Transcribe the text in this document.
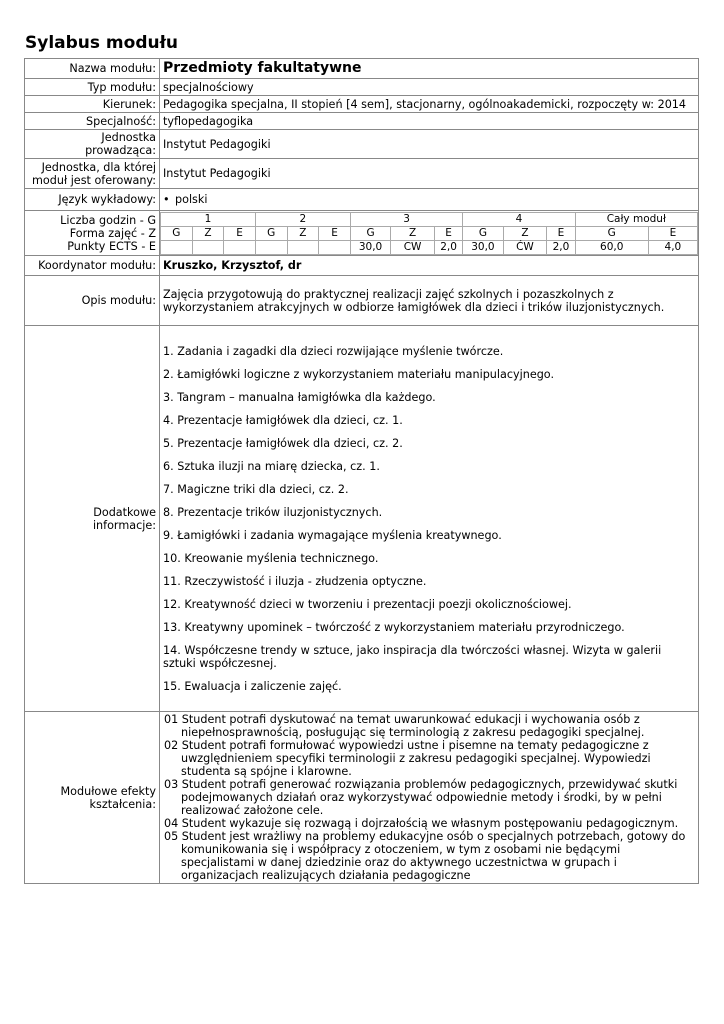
Sylabus modułu
Nazwa modułu:	Przedmioty fakultatywne
Typ modułu:	specjalnościowy
Kierunek:	Pedagogika specjalna, II stopień [4 sem], stacjonarny, ogólnoakademicki, rozpoczęty w: 2014
Specjalność:	tyflopedagogika
Jednostka prowadząca:	Instytut Pedagogiki
Jednostka, dla której moduł jest oferowany:	Instytut Pedagogiki
Język wykładowy:	• polski

Liczba godzin - G
Forma zajęć - Z
Punkty ECTS - E

1	2	3	4	Cały moduł
G	Z	E	G	Z	E	G	Z	E	G	Z	E	G	E
						30,0	CW	2,0	30,0	ĆW	2,0	60,0	4,0

Koordynator modułu:	Kruszko, Krzysztof, dr
Opis modułu:	Zajęcia przygotowują do praktycznej realizacji zajęć szkolnych i pozaszkolnych z wykorzystaniem atrakcyjnych w odbiorze łamigłówek dla dzieci i trików iluzjonistycznych.
Dodatkowe informacje:	
1. Zadania i zagadki dla dzieci rozwijające myślenie twórcze.
2. Łamigłówki logiczne z wykorzystaniem materiału manipulacyjnego.
3. Tangram – manualna łamigłówka dla każdego.
4. Prezentacje łamigłówek dla dzieci, cz. 1.
5. Prezentacje łamigłówek dla dzieci, cz. 2.
6. Sztuka iluzji na miarę dziecka, cz. 1.
7. Magiczne triki dla dzieci, cz. 2.
8. Prezentacje trików iluzjonistycznych.
9. Łamigłówki i zadania wymagające myślenia kreatywnego.
10. Kreowanie myślenia technicznego.
11. Rzeczywistość i iluzja - złudzenia optyczne.
12. Kreatywność dzieci w tworzeniu i prezentacji poezji okolicznościowej.
13. Kreatywny upominek – twórczość z wykorzystaniem materiału przyrodniczego.
14. Współczesne trendy w sztuce, jako inspiracja dla twórczości własnej. Wizyta w galerii sztuki współczesnej.
15. Ewaluacja i zaliczenie zajęć.

Modułowe efekty kształcenia:	
01 Student potrafi dyskutować na temat uwarunkować edukacji i wychowania osób z niepełnosprawnością, posługując się terminologią z zakresu pedagogiki specjalnej.
02 Student potrafi formułować wypowiedzi ustne i pisemne na tematy pedagogiczne z uwzględnieniem specyfiki terminologii z zakresu pedagogiki specjalnej. Wypowiedzi studenta są spójne i klarowne.
03 Student potrafi generować rozwiązania problemów pedagogicznych, przewidywać skutki podejmowanych działań oraz wykorzystywać odpowiednie metody i środki, by w pełni realizować założone cele.
04 Student wykazuje się rozwagą i dojrzałością we własnym postępowaniu pedagogicznym.
05 Student jest wrażliwy na problemy edukacyjne osób o specjalnych potrzebach, gotowy do komunikowania się i współpracy z otoczeniem, w tym z osobami nie będącymi specjalistami w danej dziedzinie oraz do aktywnego uczestnictwa w grupach i organizacjach realizujących działania pedagogiczne
